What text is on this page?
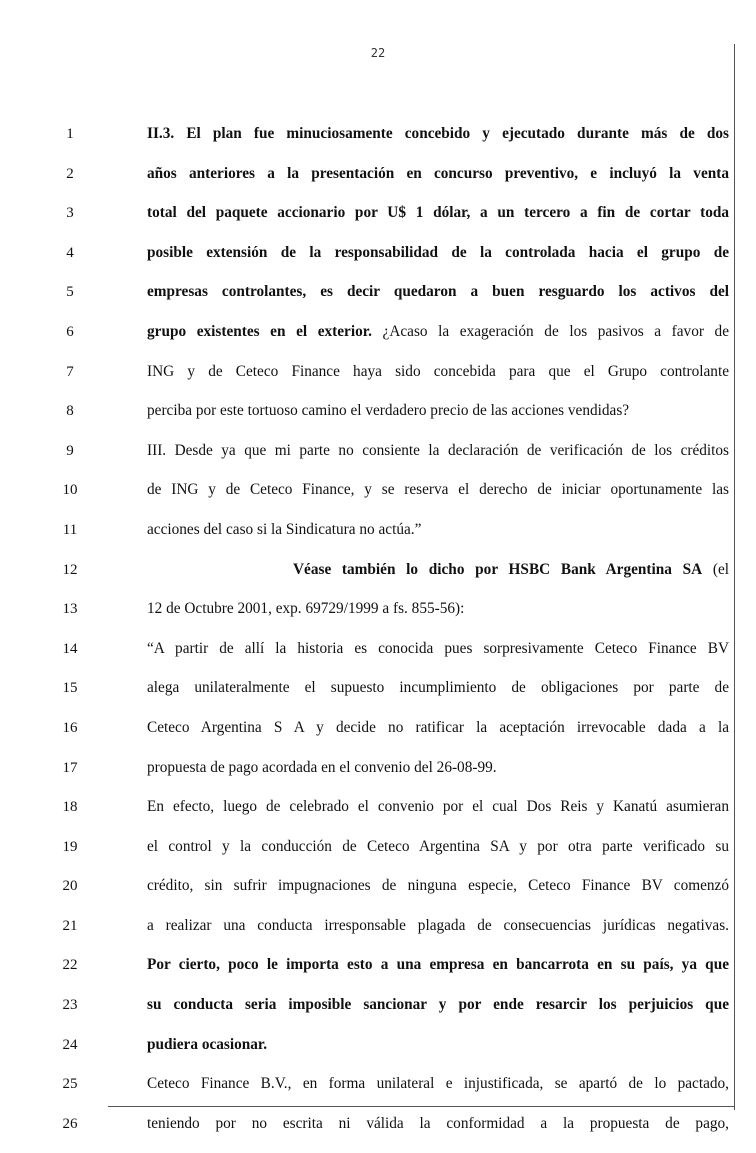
22
1
2
3
4
5
6
7
8
9
10
11
12
13
14
15
16
17
18
19
20
21
22
23
24
25
26
II.3. El plan fue minuciosamente concebido y ejecutado durante más de dos
años anteriores a la presentación en concurso preventivo, e incluyó la venta
total del paquete accionario por U$ 1 dólar, a un tercero a fin de cortar toda
posible extensión de la responsabilidad de la controlada hacia el grupo de
empresas controlantes, es decir quedaron a buen resguardo los activos del
grupo existentes en el exterior. ¿Acaso la exageración de los pasivos a favor de
ING y de Ceteco Finance haya sido concebida para que el Grupo controlante
perciba por este tortuoso camino el verdadero precio de las acciones vendidas?
III. Desde ya que mi parte no consiente la declaración de verificación de los créditos
de ING y de Ceteco Finance, y se reserva el derecho de iniciar oportunamente las
acciones del caso si la Sindicatura no actúa.”
Véase también lo dicho por HSBC Bank Argentina SA (el
12 de Octubre 2001, exp. 69729/1999 a fs. 855-56):
“A partir de allí la historia es conocida pues sorpresivamente Ceteco Finance BV
alega unilateralmente el supuesto incumplimiento de obligaciones por parte de
Ceteco Argentina S A y decide no ratificar la aceptación irrevocable dada a la
propuesta de pago acordada en el convenio del 26-08-99.
En efecto, luego de celebrado el convenio por el cual Dos Reis y Kanatú asumieran
el control y la conducción de Ceteco Argentina SA y por otra parte verificado su
crédito, sin sufrir impugnaciones de ninguna especie, Ceteco Finance BV comenzó
a realizar una conducta irresponsable plagada de consecuencias jurídicas negativas.
Por cierto, poco le importa esto a una empresa en bancarrota en su país, ya que
su conducta seria imposible sancionar y por ende resarcir los perjuicios que
pudiera ocasionar.
Ceteco Finance B.V., en forma unilateral e injustificada, se apartó de lo pactado,
teniendo por no escrita ni válida la conformidad a la propuesta de pago,
